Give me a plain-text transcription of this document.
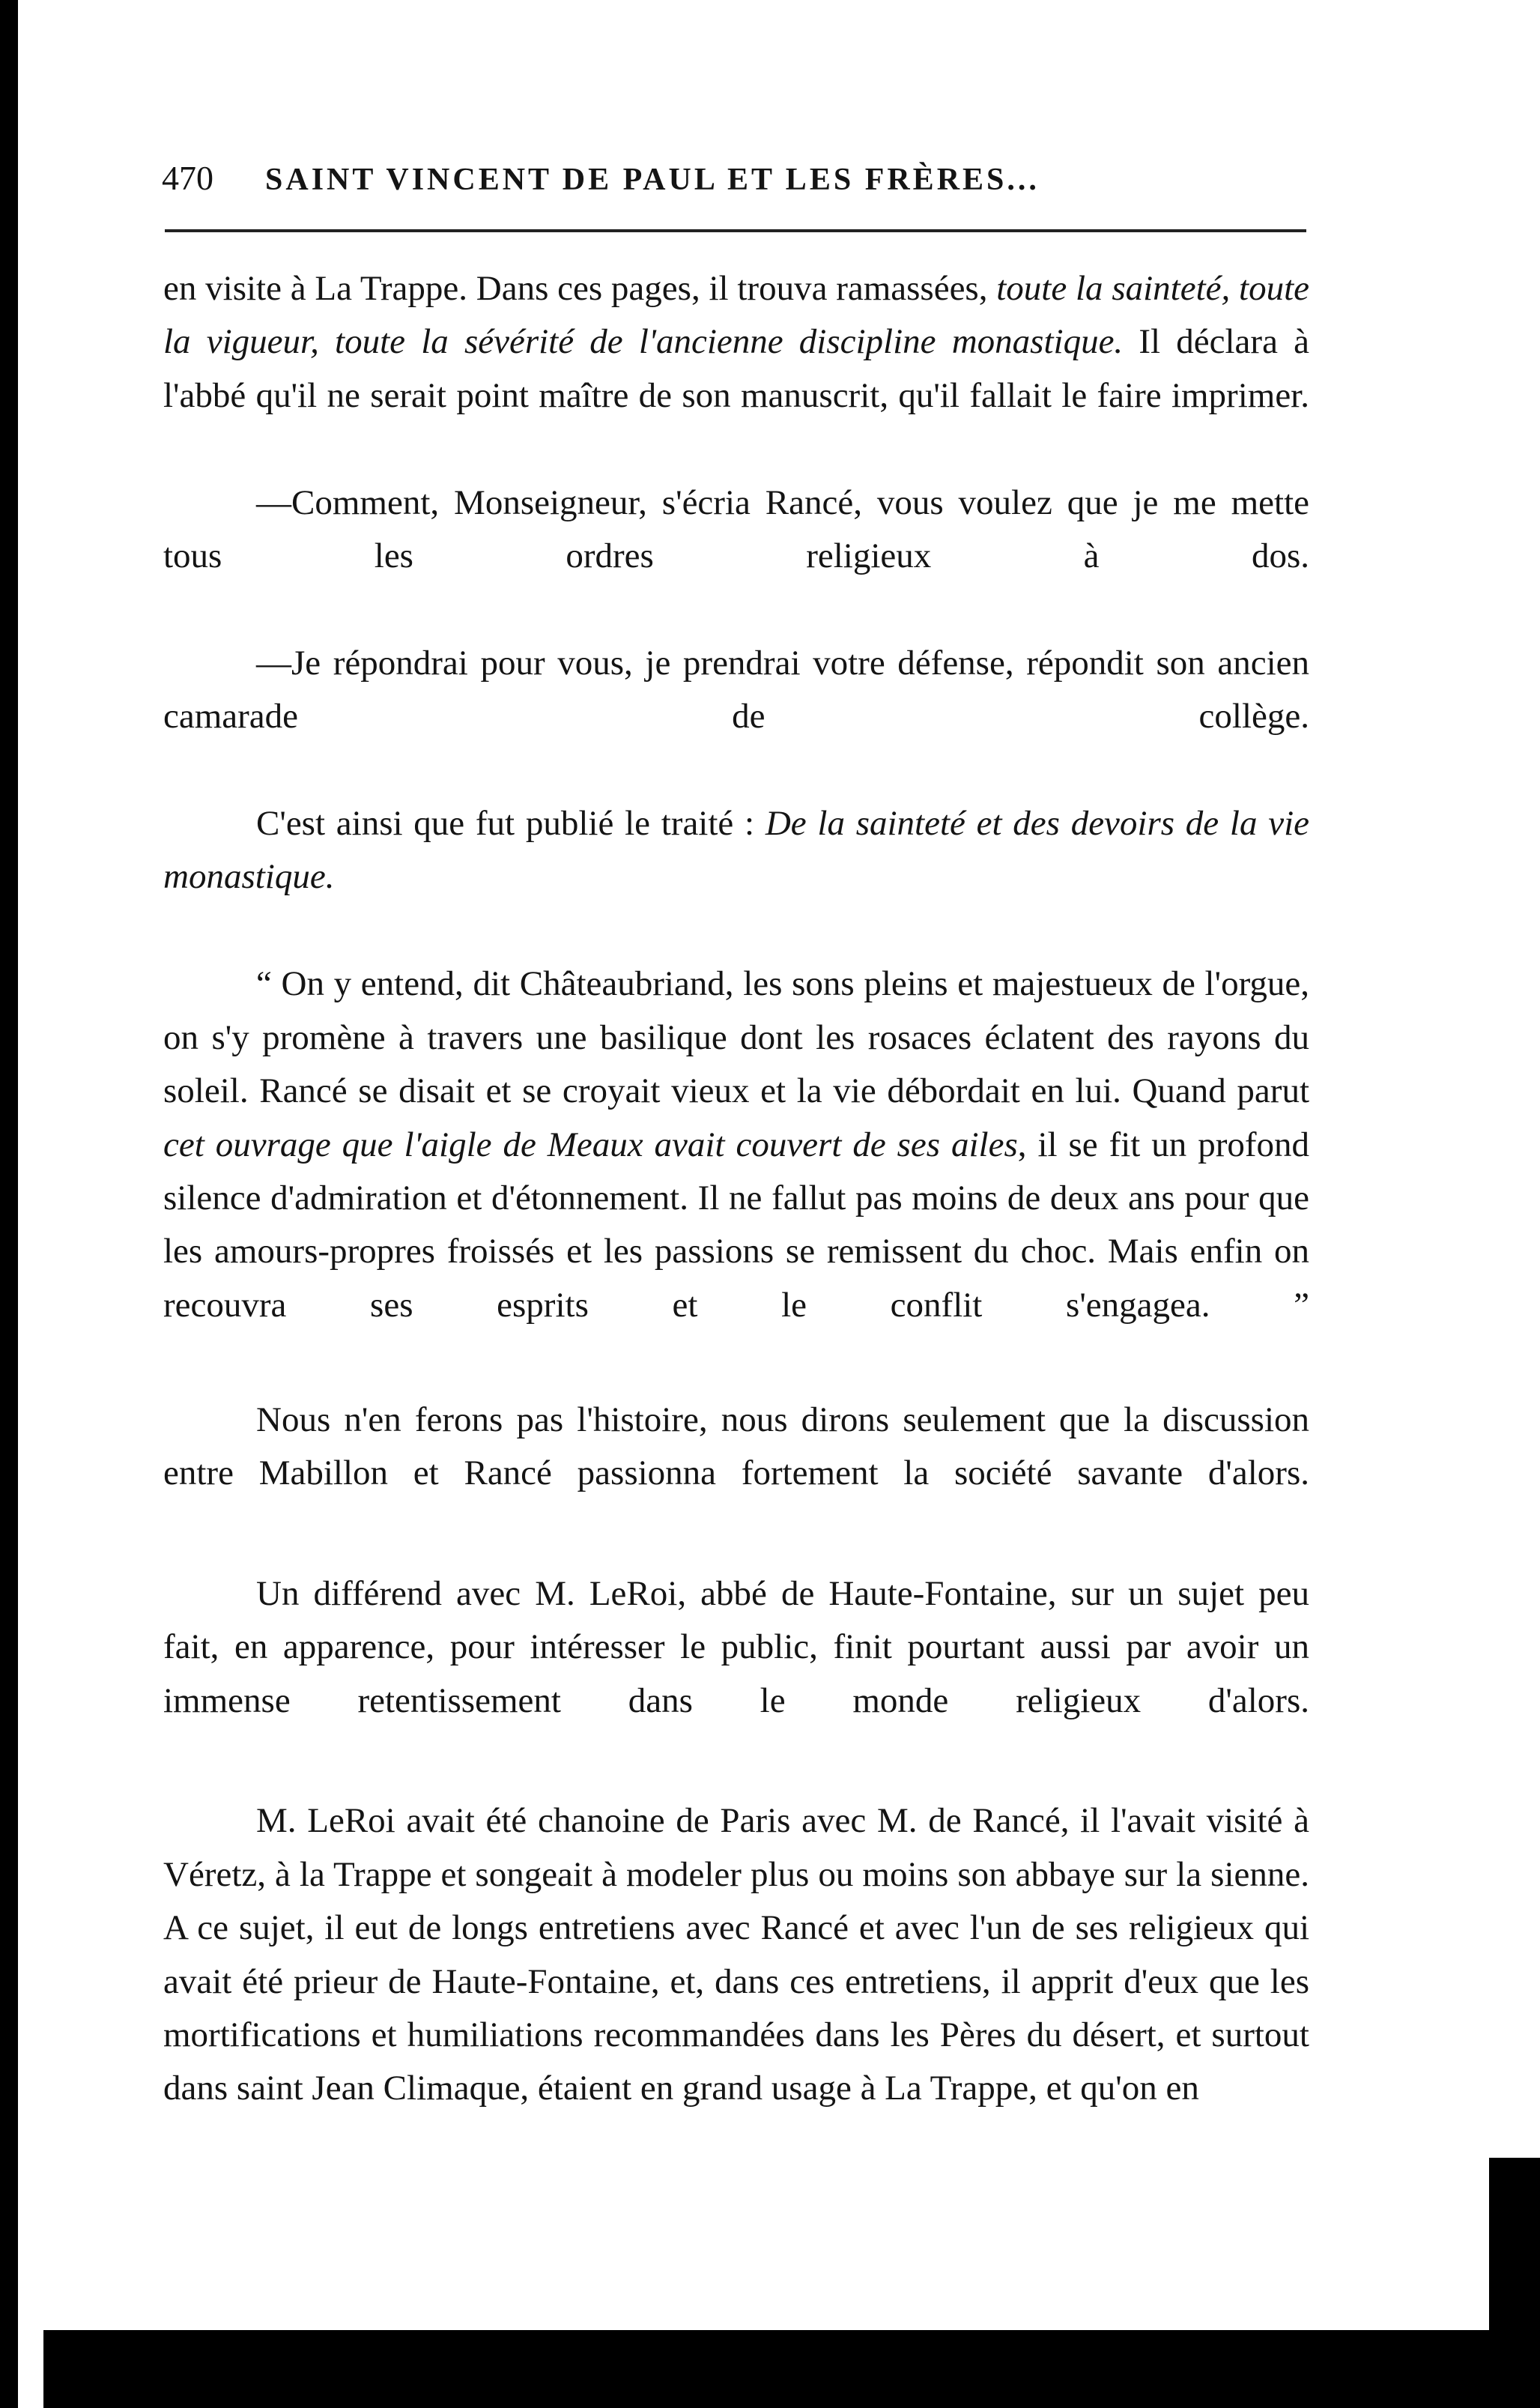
470 SAINT VINCENT DE PAUL ET LES FRÈRES...

en visite à La Trappe. Dans ces pages, il trouva ramassées, toute la sainteté, toute la vigueur, toute la sévérité de l'ancienne discipline monastique. Il déclara à l'abbé qu'il ne serait point maître de son manuscrit, qu'il fallait le faire imprimer.

—Comment, Monseigneur, s'écria Rancé, vous voulez que je me mette tous les ordres religieux à dos.

—Je répondrai pour vous, je prendrai votre défense, répondit son ancien camarade de collège.

C'est ainsi que fut publié le traité : De la sainteté et des devoirs de la vie monastique.

“ On y entend, dit Châteaubriand, les sons pleins et majestueux de l'orgue, on s'y promène à travers une basilique dont les rosaces éclatent des rayons du soleil. Rancé se disait et se croyait vieux et la vie débordait en lui. Quand parut cet ouvrage que l'aigle de Meaux avait couvert de ses ailes, il se fit un profond silence d'admiration et d'étonnement. Il ne fallut pas moins de deux ans pour que les amours-propres froissés et les passions se remissent du choc. Mais enfin on recouvra ses esprits et le conflit s'engagea. ”

Nous n'en ferons pas l'histoire, nous dirons seulement que la discussion entre Mabillon et Rancé passionna fortement la société savante d'alors.

Un différend avec M. LeRoi, abbé de Haute-Fontaine, sur un sujet peu fait, en apparence, pour intéresser le public, finit pourtant aussi par avoir un immense retentissement dans le monde religieux d'alors.

M. LeRoi avait été chanoine de Paris avec M. de Rancé, il l'avait visité à Véretz, à la Trappe et songeait à modeler plus ou moins son abbaye sur la sienne. A ce sujet, il eut de longs entretiens avec Rancé et avec l'un de ses religieux qui avait été prieur de Haute-Fontaine, et, dans ces entretiens, il apprit d'eux que les mortifications et humiliations recommandées dans les Pères du désert, et surtout dans saint Jean Climaque, étaient en grand usage à La Trappe, et qu'on en
